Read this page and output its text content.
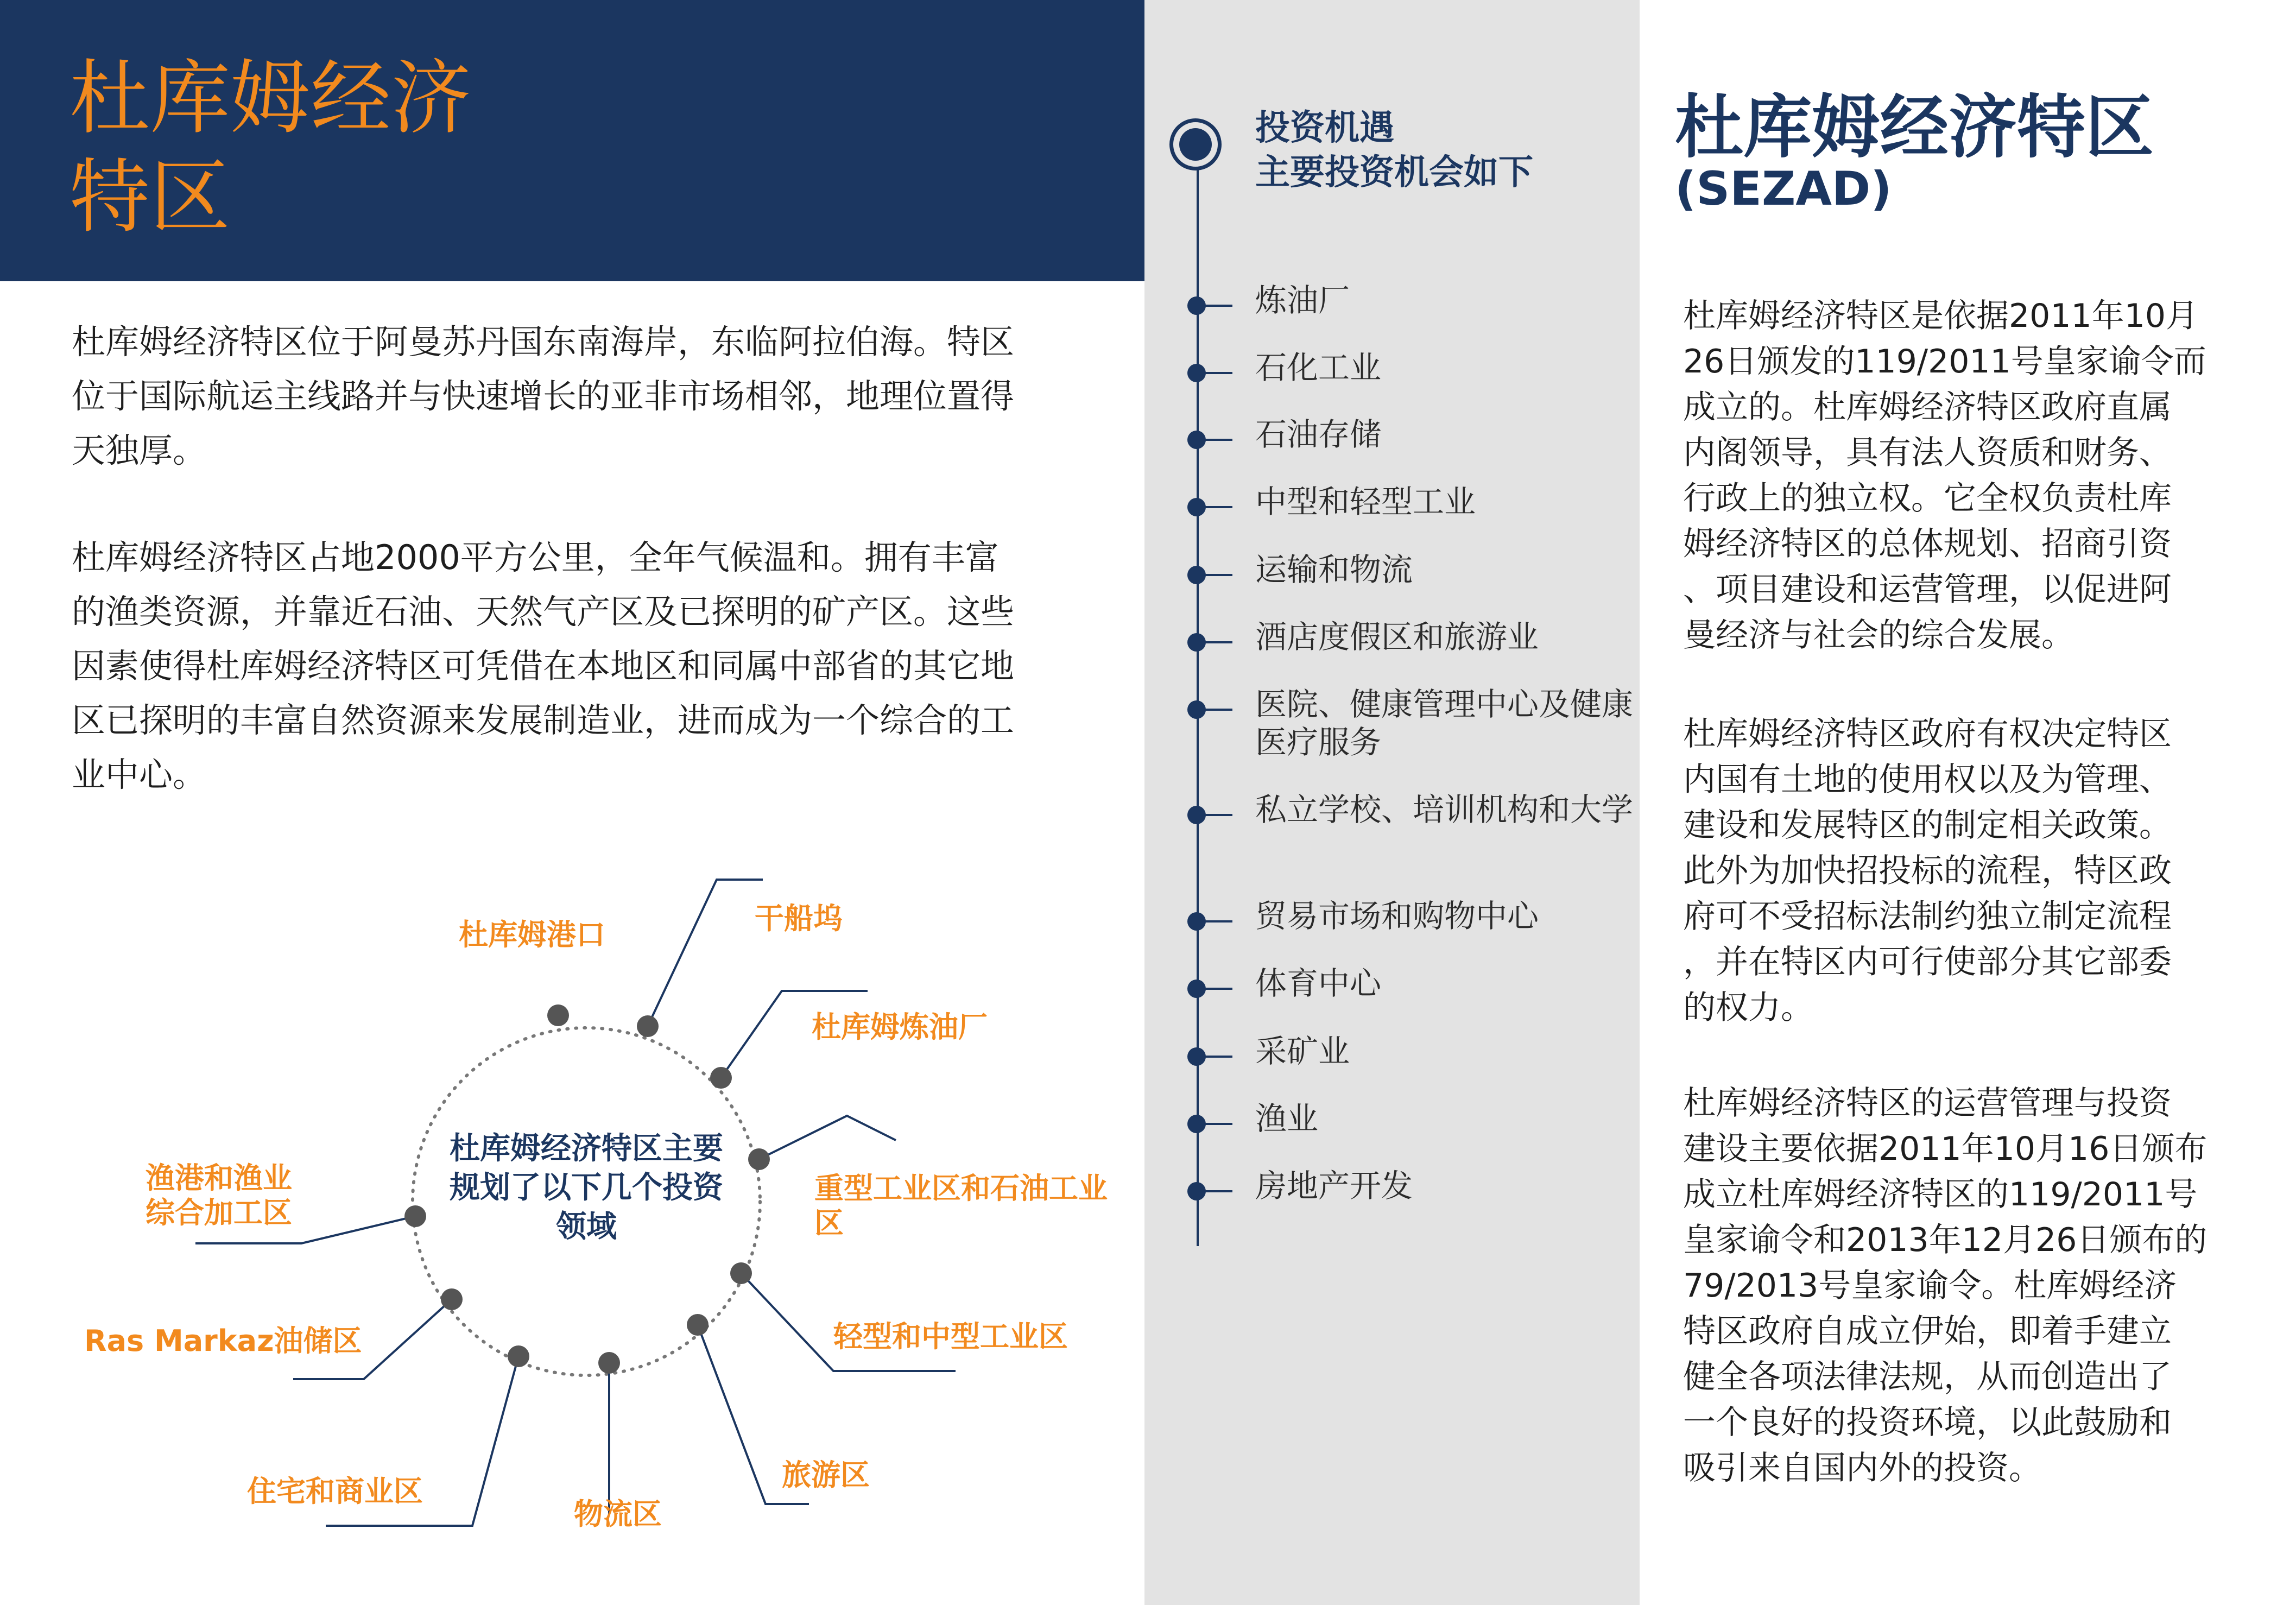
杜库姆经济
特区
杜库姆经济特区位于阿曼苏丹国东南海岸，东临阿拉伯海。特区
位于国际航运主线路并与快速增长的亚非市场相邻，地理位置得
天独厚。
杜库姆经济特区占地2000平方公里，全年气候温和。拥有丰富
的渔类资源，并靠近石油、天然气产区及已探明的矿产区。这些
因素使得杜库姆经济特区可凭借在本地区和同属中部省的其它地
区已探明的丰富自然资源来发展制造业，进而成为一个综合的工
业中心。
杜库姆经济特区主要规划了以下几个投资领域
杜库姆港口	干船坞
杜库姆炼油厂
重型工业区和石油工业区
轻型和中型工业区
旅游区
物流区
住宅和商业区
Ras Markaz油储区
渔港和渔业综合加工区
投资机遇
主要投资机会如下
炼油厂
石化工业
石油存储
中型和轻型工业
运输和物流
酒店度假区和旅游业
医院、健康管理中心及健康医疗服务
私立学校、培训机构和大学
贸易市场和购物中心
体育中心
采矿业
渔业
房地产开发
杜库姆经济特区
(SEZAD)
杜库姆经济特区是依据2011年10月
26日颁发的119/2011号皇家谕令而
成立的。杜库姆经济特区政府直属
内阁领导，具有法人资质和财务、
行政上的独立权。它全权负责杜库
姆经济特区的总体规划、招商引资
、项目建设和运营管理，以促进阿
曼经济与社会的综合发展。
杜库姆经济特区政府有权决定特区
内国有土地的使用权以及为管理、
建设和发展特区的制定相关政策。
此外为加快招投标的流程，特区政
府可不受招标法制约独立制定流程
，并在特区内可行使部分其它部委
的权力。
杜库姆经济特区的运营管理与投资
建设主要依据2011年10月16日颁布
成立杜库姆经济特区的119/2011号
皇家谕令和2013年12月26日颁布的
79/2013号皇家谕令。杜库姆经济
特区政府自成立伊始，即着手建立
健全各项法律法规，从而创造出了
一个良好的投资环境，以此鼓励和
吸引来自国内外的投资。
